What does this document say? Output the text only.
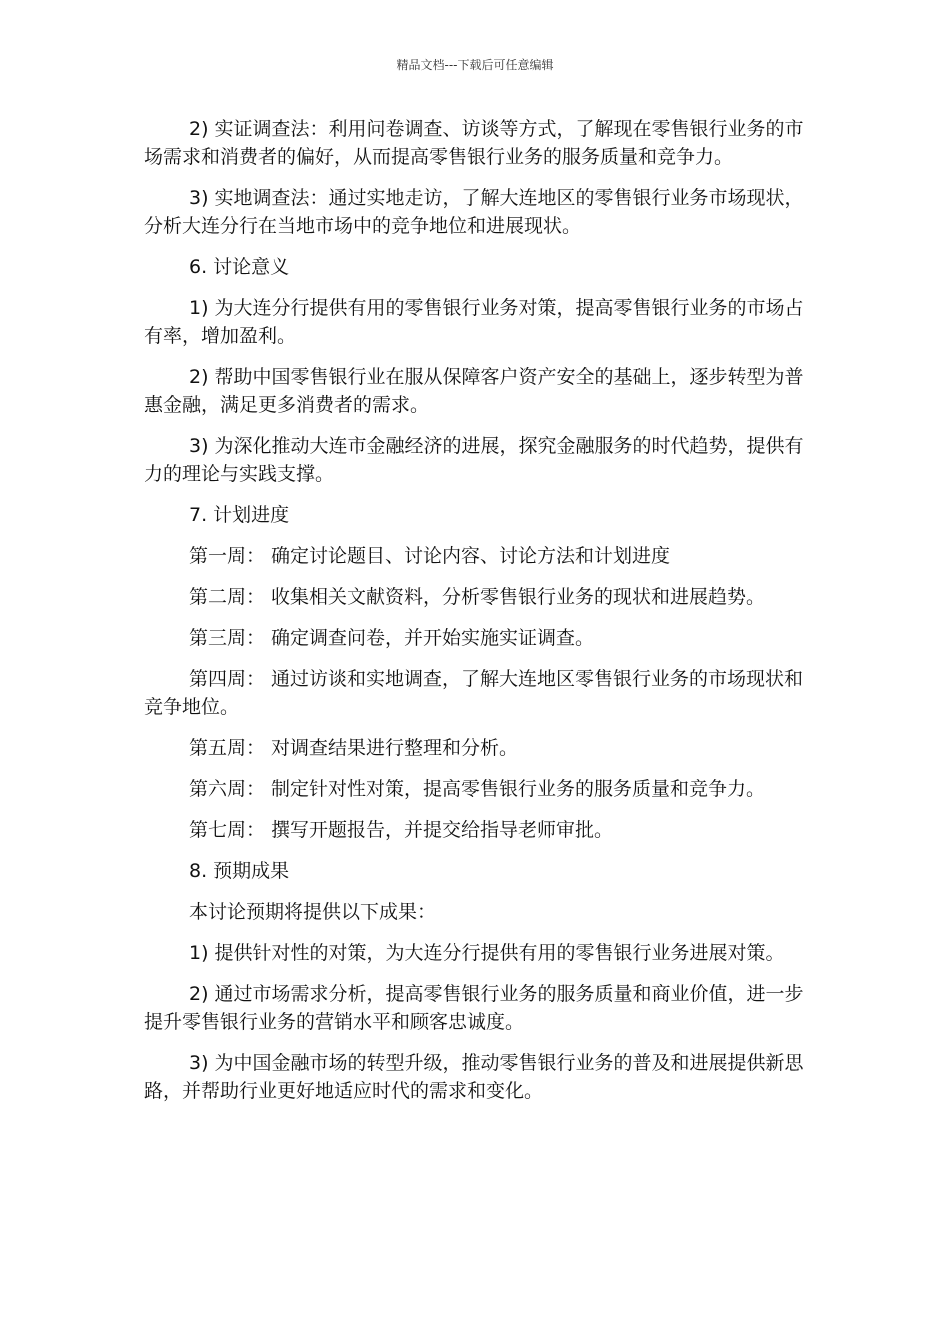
精品文档---下载后可任意编辑

2) 实证调查法：利用问卷调查、访谈等方式，了解现在零售银行业务的市场需求和消费者的偏好，从而提高零售银行业务的服务质量和竞争力。

3) 实地调查法：通过实地走访，了解大连地区的零售银行业务市场现状，分析大连分行在当地市场中的竞争地位和进展现状。

6. 讨论意义

1) 为大连分行提供有用的零售银行业务对策，提高零售银行业务的市场占有率，增加盈利。

2) 帮助中国零售银行业在服从保障客户资产安全的基础上，逐步转型为普惠金融，满足更多消费者的需求。

3) 为深化推动大连市金融经济的进展，探究金融服务的时代趋势，提供有力的理论与实践支撑。

7. 计划进度

第一周： 确定讨论题目、讨论内容、讨论方法和计划进度

第二周： 收集相关文献资料，分析零售银行业务的现状和进展趋势。

第三周： 确定调查问卷，并开始实施实证调查。

第四周： 通过访谈和实地调查，了解大连地区零售银行业务的市场现状和竞争地位。

第五周： 对调查结果进行整理和分析。

第六周： 制定针对性对策，提高零售银行业务的服务质量和竞争力。

第七周： 撰写开题报告，并提交给指导老师审批。

8. 预期成果

本讨论预期将提供以下成果：

1) 提供针对性的对策，为大连分行提供有用的零售银行业务进展对策。

2) 通过市场需求分析，提高零售银行业务的服务质量和商业价值，进一步提升零售银行业务的营销水平和顾客忠诚度。

3) 为中国金融市场的转型升级，推动零售银行业务的普及和进展提供新思路，并帮助行业更好地适应时代的需求和变化。
